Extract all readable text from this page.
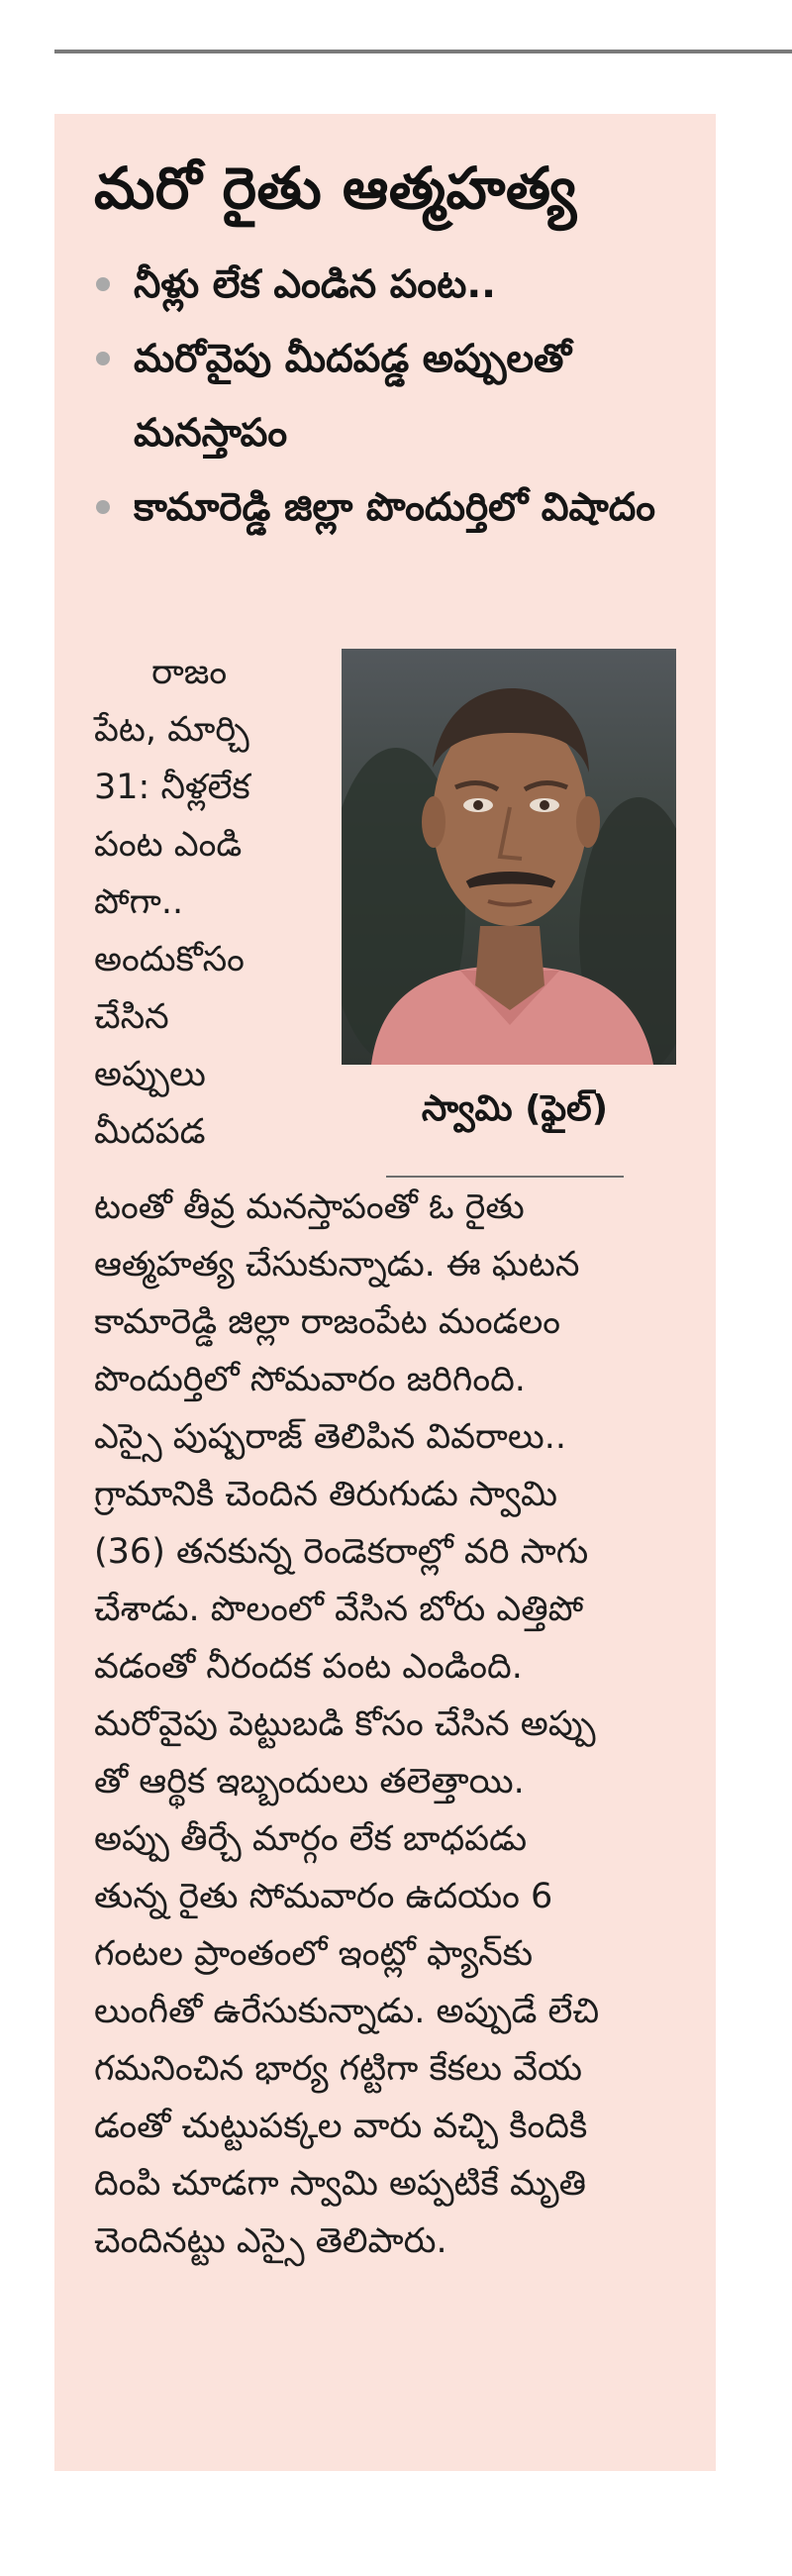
మరో రైతు ఆత్మహత్య
నీళ్లు లేక ఎండిన పంట..
మరోవైపు మీదపడ్డ అప్పులతో మనస్తాపం
కామారెడ్డి జిల్లా పొందుర్తిలో విషాదం
స్వామి (ఫైల్)
రాజం
పేట, మార్చి
31: నీళ్లలేక
పంట ఎండి
పోగా..
అందుకోసం
చేసిన
అప్పులు
మీదపడ
టంతో తీవ్ర మనస్తాపంతో ఓ రైతు
ఆత్మహత్య చేసుకున్నాడు. ఈ ఘటన
కామారెడ్డి జిల్లా రాజంపేట మండలం
పొందుర్తిలో సోమవారం జరిగింది.
ఎస్సై పుష్పరాజ్ తెలిపిన వివరాలు..
గ్రామానికి చెందిన తిరుగుడు స్వామి
(36) తనకున్న రెండెకరాల్లో వరి సాగు
చేశాడు. పొలంలో వేసిన బోరు ఎత్తిపో
వడంతో నీరందక పంట ఎండింది.
మరోవైపు పెట్టుబడి కోసం చేసిన అప్పు
తో ఆర్థిక ఇబ్బందులు తలెత్తాయి.
అప్పు తీర్చే మార్గం లేక బాధపడు
తున్న రైతు సోమవారం ఉదయం 6
గంటల ప్రాంతంలో ఇంట్లో ఫ్యాన్‌కు
లుంగీతో ఉరేసుకున్నాడు. అప్పుడే లేచి
గమనించిన భార్య గట్టిగా కేకలు వేయ
డంతో చుట్టుపక్కల వారు వచ్చి కిందికి
దింపి చూడగా స్వామి అప్పటికే మృతి
చెందినట్టు ఎస్సై తెలిపారు.
